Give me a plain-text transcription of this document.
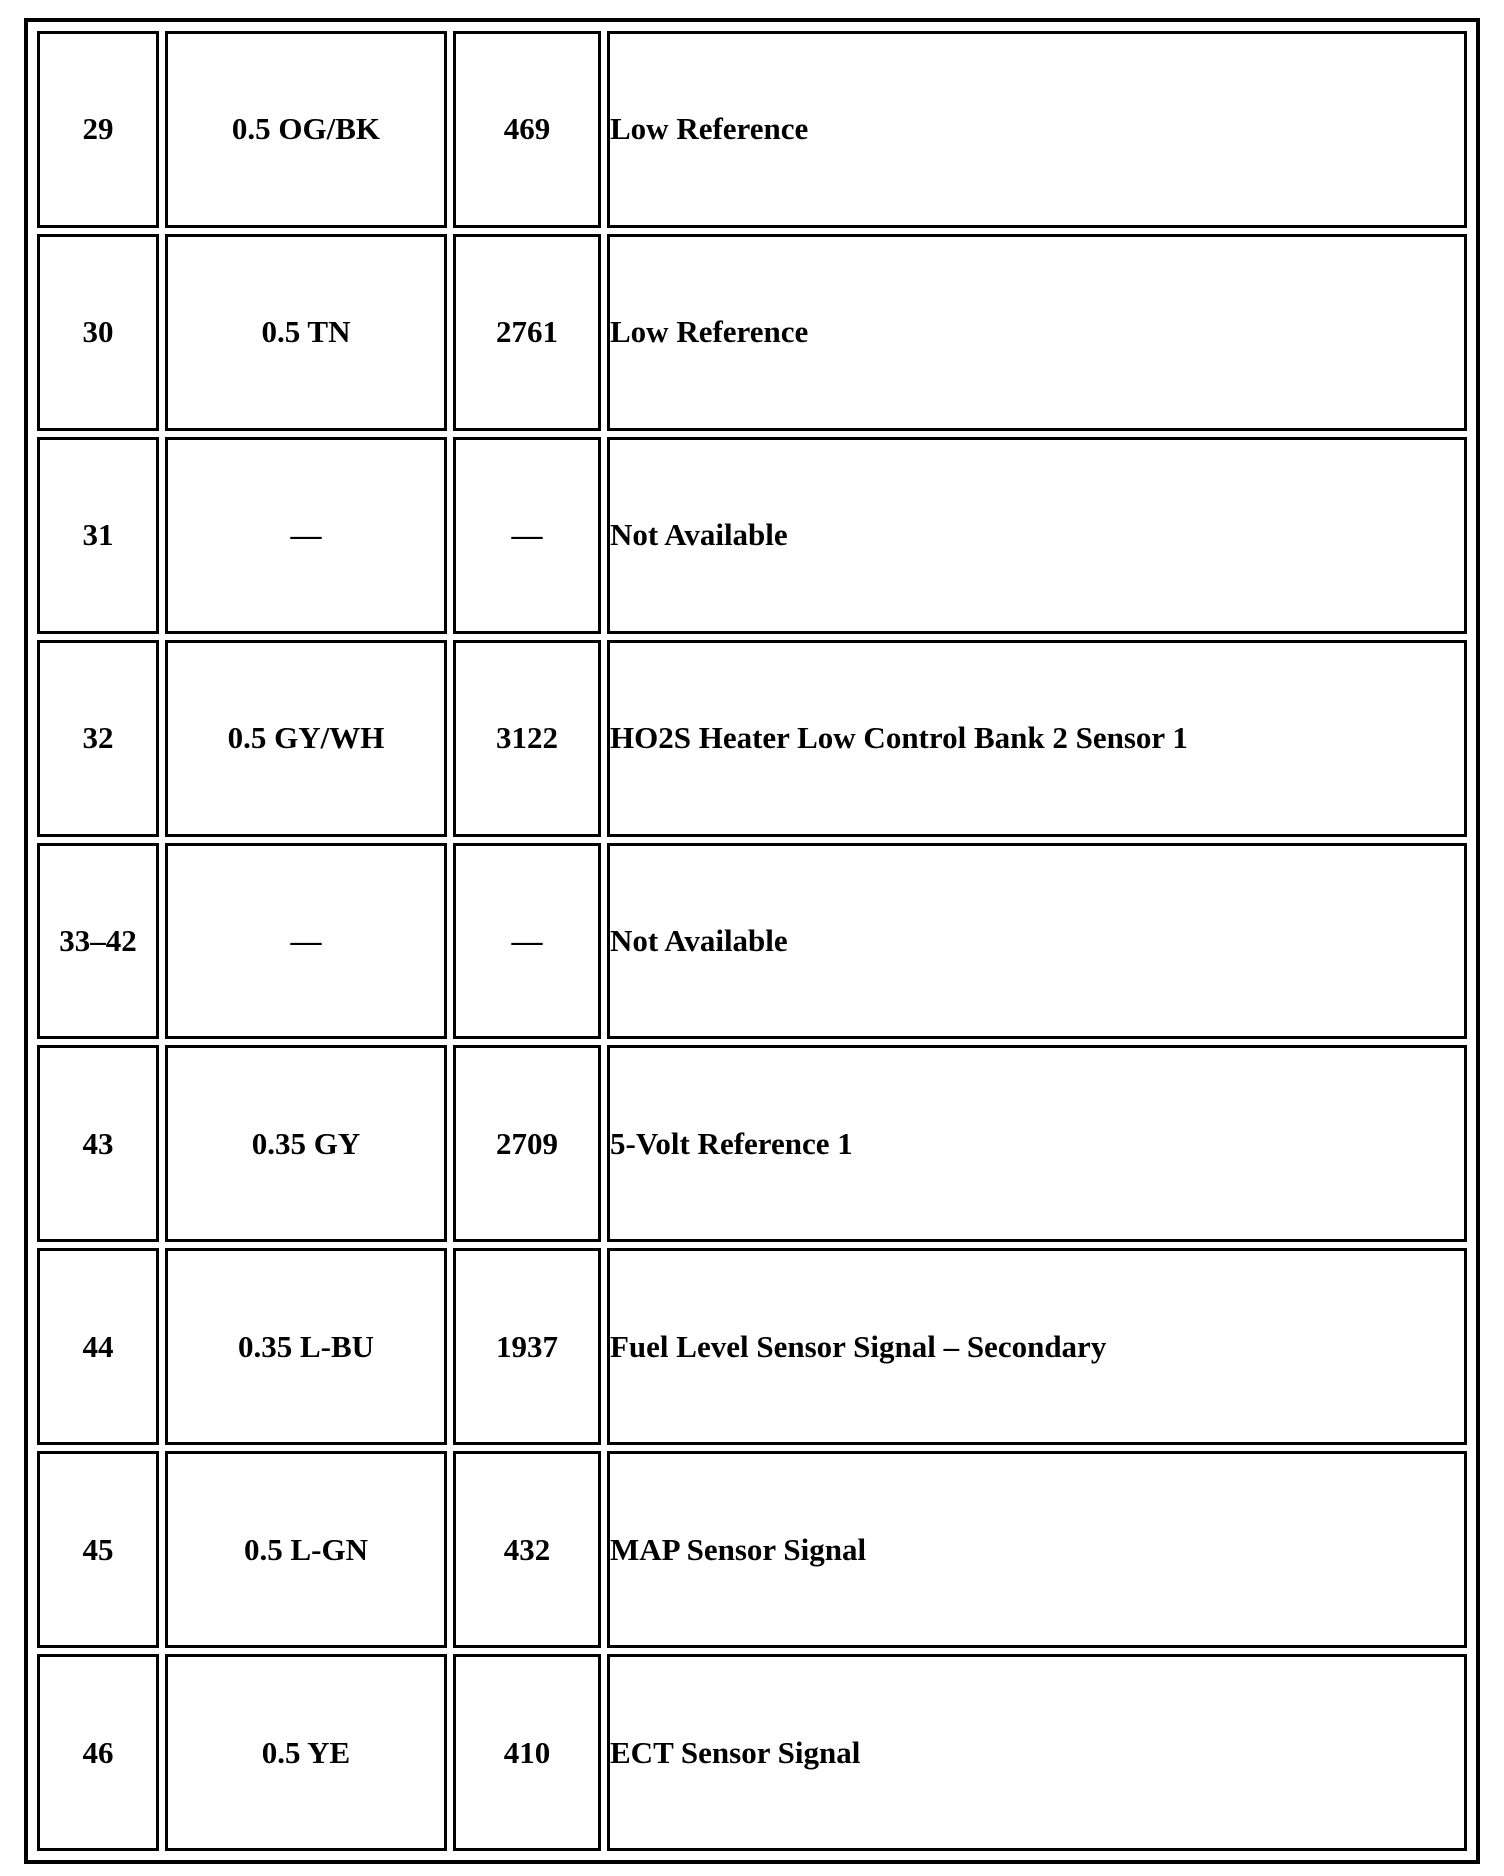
29	0.5 OG/BK	469	Low Reference
30	0.5 TN	2761	Low Reference
31	—	—	Not Available
32	0.5 GY/WH	3122	HO2S Heater Low Control Bank 2 Sensor 1
33–42	—	—	Not Available
43	0.35 GY	2709	5-Volt Reference 1
44	0.35 L-BU	1937	Fuel Level Sensor Signal – Secondary
45	0.5 L-GN	432	MAP Sensor Signal
46	0.5 YE	410	ECT Sensor Signal
